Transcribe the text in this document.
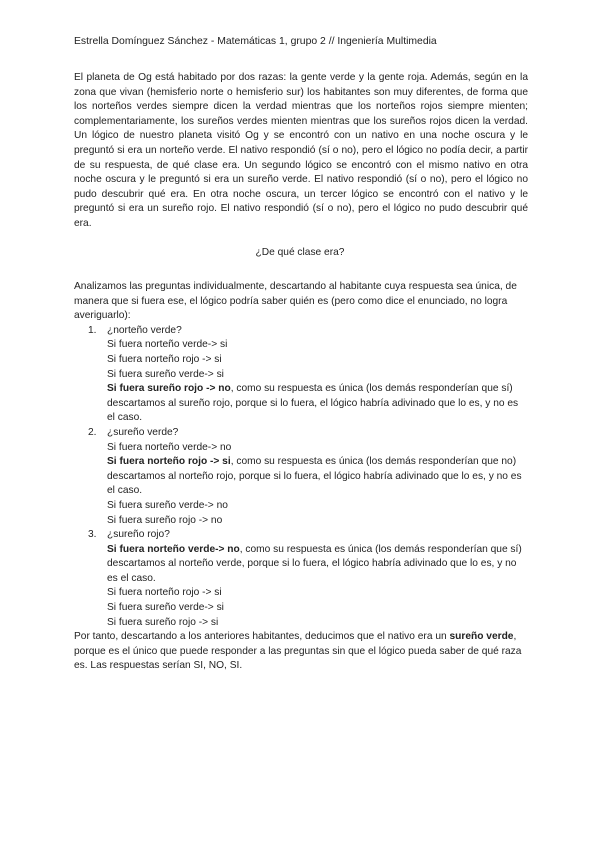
Estrella Domínguez Sánchez - Matemáticas 1, grupo 2 // Ingeniería Multimedia
El planeta de Og está habitado por dos razas: la gente verde y la gente roja. Además, según en la zona que vivan (hemisferio norte o hemisferio sur) los habitantes son muy diferentes, de forma que los norteños verdes siempre dicen la verdad mientras que los norteños rojos siempre mienten; complementariamente, los sureños verdes mienten mientras que los sureños rojos dicen la verdad. Un lógico de nuestro planeta visitó Og y se encontró con un nativo en una noche oscura y le preguntó si era un norteño verde. El nativo respondió (sí o no), pero el lógico no podía decir, a partir de su respuesta, de qué clase era. Un segundo lógico se encontró con el mismo nativo en otra noche oscura y le preguntó si era un sureño verde. El nativo respondió (sí o no), pero el lógico no pudo descubrir qué era. En otra noche oscura, un tercer lógico se encontró con el nativo y le preguntó si era un sureño rojo. El nativo respondió (sí o no), pero el lógico no pudo descubrir qué era.
¿De qué clase era?
Analizamos las preguntas individualmente, descartando al habitante cuya respuesta sea única, de manera que si fuera ese, el lógico podría saber quién es (pero como dice el enunciado, no logra averiguarlo):
1. ¿norteño verde?
Si fuera norteño verde-> si
Si fuera norteño rojo -> si
Si fuera sureño verde-> si
Si fuera sureño rojo -> no, como su respuesta es única (los demás responderían que sí) descartamos al sureño rojo, porque si lo fuera, el lógico habría adivinado que lo es, y no es el caso.
2. ¿sureño verde?
Si fuera norteño verde-> no
Si fuera norteño rojo -> si, como su respuesta es única (los demás responderían que no) descartamos al norteño rojo, porque si lo fuera, el lógico habría adivinado que lo es, y no es el caso.
Si fuera sureño verde-> no
Si fuera sureño rojo -> no
3. ¿sureño rojo?
Si fuera norteño verde-> no, como su respuesta es única (los demás responderían que sí) descartamos al norteño verde, porque si lo fuera, el lógico habría adivinado que lo es, y no es el caso.
Si fuera norteño rojo -> si
Si fuera sureño verde-> si
Si fuera sureño rojo -> si
Por tanto, descartando a los anteriores habitantes, deducimos que el nativo era un sureño verde, porque es el único que puede responder a las preguntas sin que el lógico pueda saber de qué raza es. Las respuestas serían SI, NO, SI.
